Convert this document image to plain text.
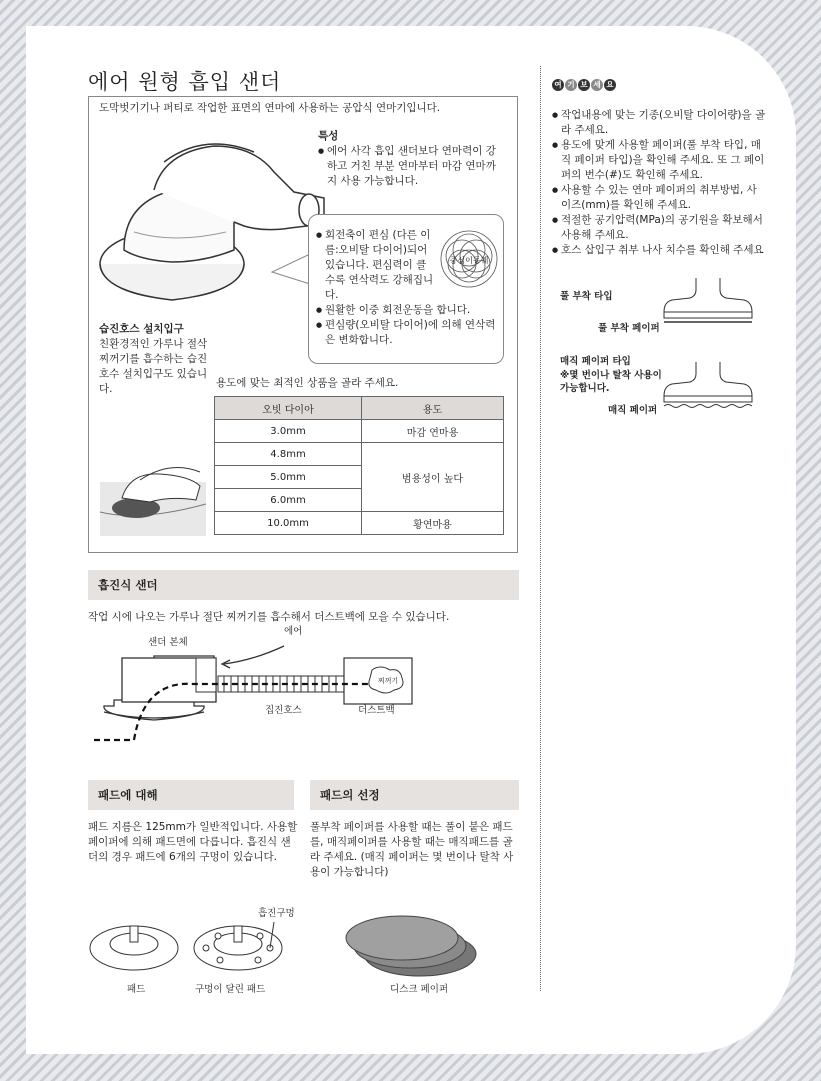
에어 원형 흡입 샌더
도막벗기기나 퍼티로 작업한 표면의 연마에 사용하는 공압식 연마기입니다.
특성
● 에어 사각 흡입 샌더보다 연마력이 강하고 거친 부분 연마부터 마감 연마까지 사용 가능합니다.
● 회전축이 편심 (다른 이름:오비탈 다이어)되어 있습니다. 편심력이 클수록 연삭력도 강해집니다.
● 원활한 이중 회전운동을 합니다.
● 편심량(오비탈 다이어)에 의해 연삭력은 변화합니다.
중심이동궤
습진호스 설치입구
친환경적인 가루나 절삭찌꺼기를 흡수하는 습진호수 설치입구도 있습니다.	용도에 맞는 최적인 상품을 골라 주세요.
오빗 다이아	용도
3.0mm	마감 연마용
4.8mm	범용성이 높다
5.0mm	
6.0mm	
10.0mm	황연마용
흡진식 샌더
작업 시에 나오는 가루나 절단 찌꺼기를 흡수해서 더스트백에 모을 수 있습니다.
샌더 본체
에어
찌꺼기
집진호스	더스트백
패드에 대해
패드 지름은 125mm가 일반적입니다. 사용할 페이퍼에 의해 패드면에 다릅니다. 흡진식 샌더의 경우 패드에 6개의 구멍이 있습니다.
패드의 선정
풀부착 페이퍼를 사용할 때는 풀이 붙은 패드를, 매직페이퍼를 사용할 때는 매직패드를 골라 주세요. (매직 페이퍼는 몇 번이나 탈착 사용이 가능합니다)
흡진구멍
패드	구멍이 달린 패드	디스크 페이퍼
여 기 보 세 요
● 작업내용에 맞는 기종(오비탈 다이어량)을 골라 주세요.
● 용도에 맞게 사용할 페이퍼(풀 부착 타입, 매직 페이퍼 타입)을 확인해 주세요. 또 그 페이퍼의 번수(#)도 확인해 주세요.
● 사용할 수 있는 연마 페이퍼의 취부방법, 사이즈(mm)를 확인해 주세요.
● 적절한 공기압력(MPa)의 공기원을 확보해서 사용해 주세요.
● 호스 삽입구 취부 나사 치수를 확인해 주세요
풀 부착 타입
풀 부착 페이퍼
매직 페이퍼 타입
※몇 번이나 탈착 사용이 가능합니다.
매직 페이퍼
